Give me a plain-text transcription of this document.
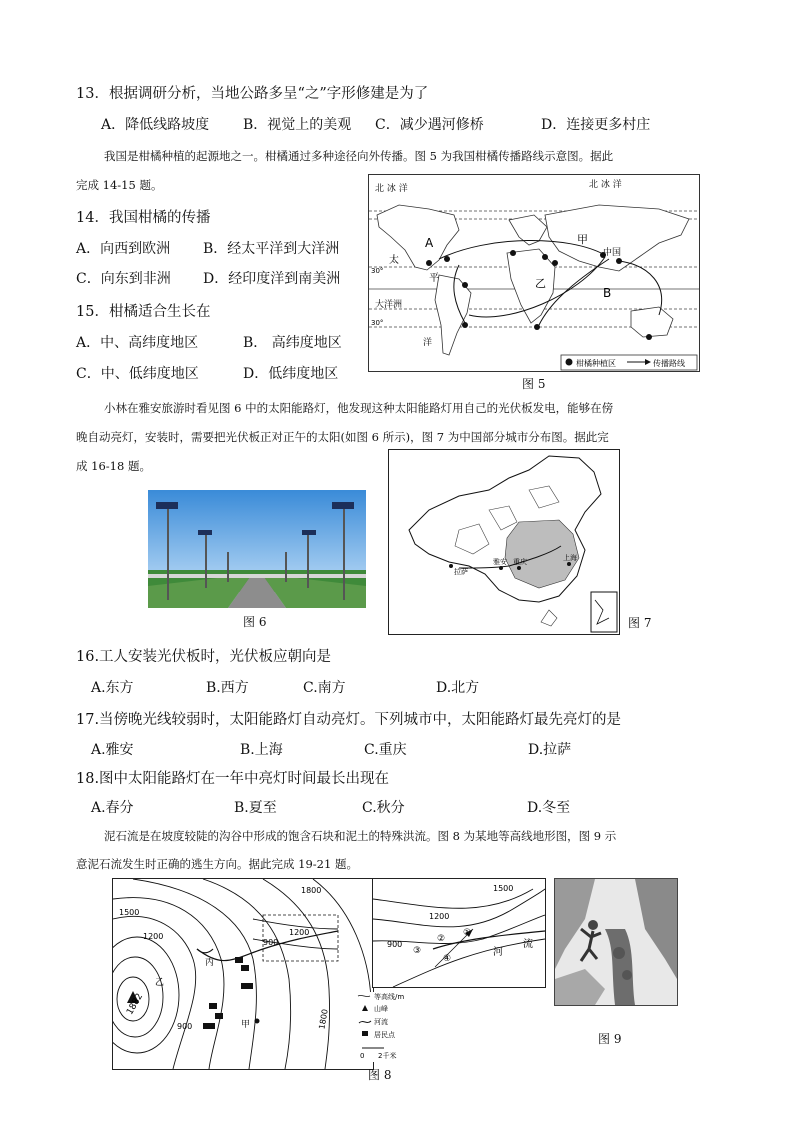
13．根据调研分析，当地公路多呈“之”字形修建是为了
A．降低线路坡度 B．视觉上的美观 C．减少遇河修桥	D．连接更多村庄
我国是柑橘种植的起源地之一。柑橘通过多种途径向外传播。图 5 为我国柑橘传播路线示意图。据此
完成 14-15 题。
14．我国柑橘的传播
A．向西到欧洲 B．经太平洋到大洋洲
C．向东到非洲 D．经印度洋到南美洲
15．柑橘适合生长在
A．中、高纬度地区	B． 高纬度地区
C．中、低纬度地区	D．低纬度地区
北 冰 洋	北 冰 洋
A
B
甲
乙
中国
太
平
大洋洲
洋
30°
30°
柑橘种植区	传播路线
图 5
小林在雅安旅游时看见图 6 中的太阳能路灯，他发现这种太阳能路灯用自己的光伏板发电，能够在傍
晚自动亮灯，安装时，需要把光伏板正对正午的太阳(如图 6 所示)，图 7 为中国部分城市分布图。据此完
成 16-18 题。
图 6
拉萨
雅安 重庆	上海
图 7
16.工人安装光伏板时，光伏板应朝向是
A.东方	B.西方	C.南方	D.北方
17.当傍晚光线较弱时，太阳能路灯自动亮灯。下列城市中，太阳能路灯最先亮灯的是
A.雅安	B.上海	C.重庆	D.拉萨
18.图中太阳能路灯在一年中亮灯时间最长出现在
A.春分	B.夏至	C.秋分	D.冬至
泥石流是在坡度较陡的沟谷中形成的饱含石块和泥土的特殊洪流。图 8 为某地等高线地形图，图 9 示
意泥石流发生时正确的逃生方向。据此完成 19-21 题。
1882
1500
1200
1800
1200
900
900	1800
丙
乙
甲
1500
1200
900
①
②
③
④
河
流
等高线/m
山峰
河流
居民点
0 2千米
图 8
图 9
